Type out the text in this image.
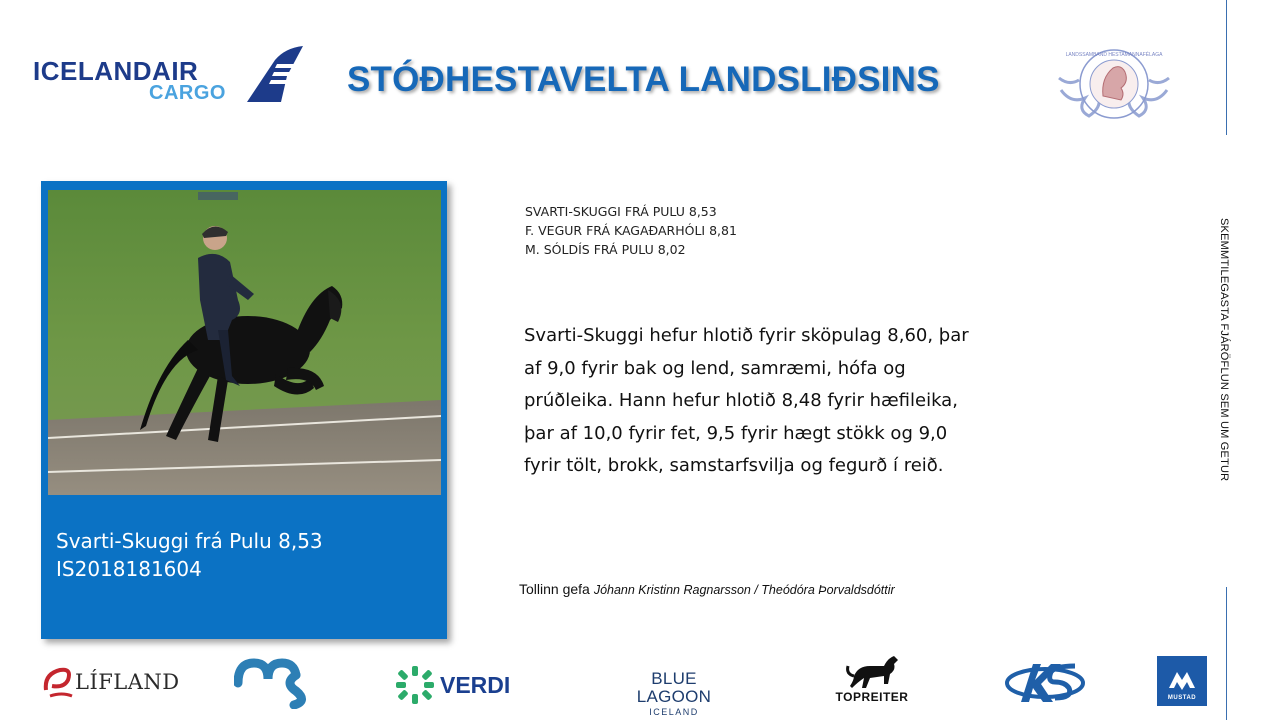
ICELANDAIR
CARGO	STÓÐHESTAVELTA LANDSLIÐSINS
LANDSSAMBAND HESTAMANNAFÉLAGA
SKEMMTILEGASTA FJÁRÖFLUN SEM UM GETUR
Svarti-Skuggi frá Pulu 8,53
IS2018181604
SVARTI-SKUGGI FRÁ PULU 8,53
F. VEGUR FRÁ KAGAÐARHÓLI 8,81
M. SÓLDÍS FRÁ PULU 8,02
Svarti-Skuggi hefur hlotið fyrir sköpulag 8,60, þar af 9,0 fyrir bak og lend, samræmi, hófa og prúðleika. Hann hefur hlotið 8,48 fyrir hæfileika, þar af 10,0 fyrir fet, 9,5 fyrir hægt stökk og 9,0 fyrir tölt, brokk, samstarfsvilja og fegurð í reið.
Tollinn gefa Jóhann Kristinn Ragnarsson / Theódóra Þorvaldsdóttir
LÍFLAND	VERDI	BLUE LAGOON
ICELAND
TOPREITER	MUSTAD
